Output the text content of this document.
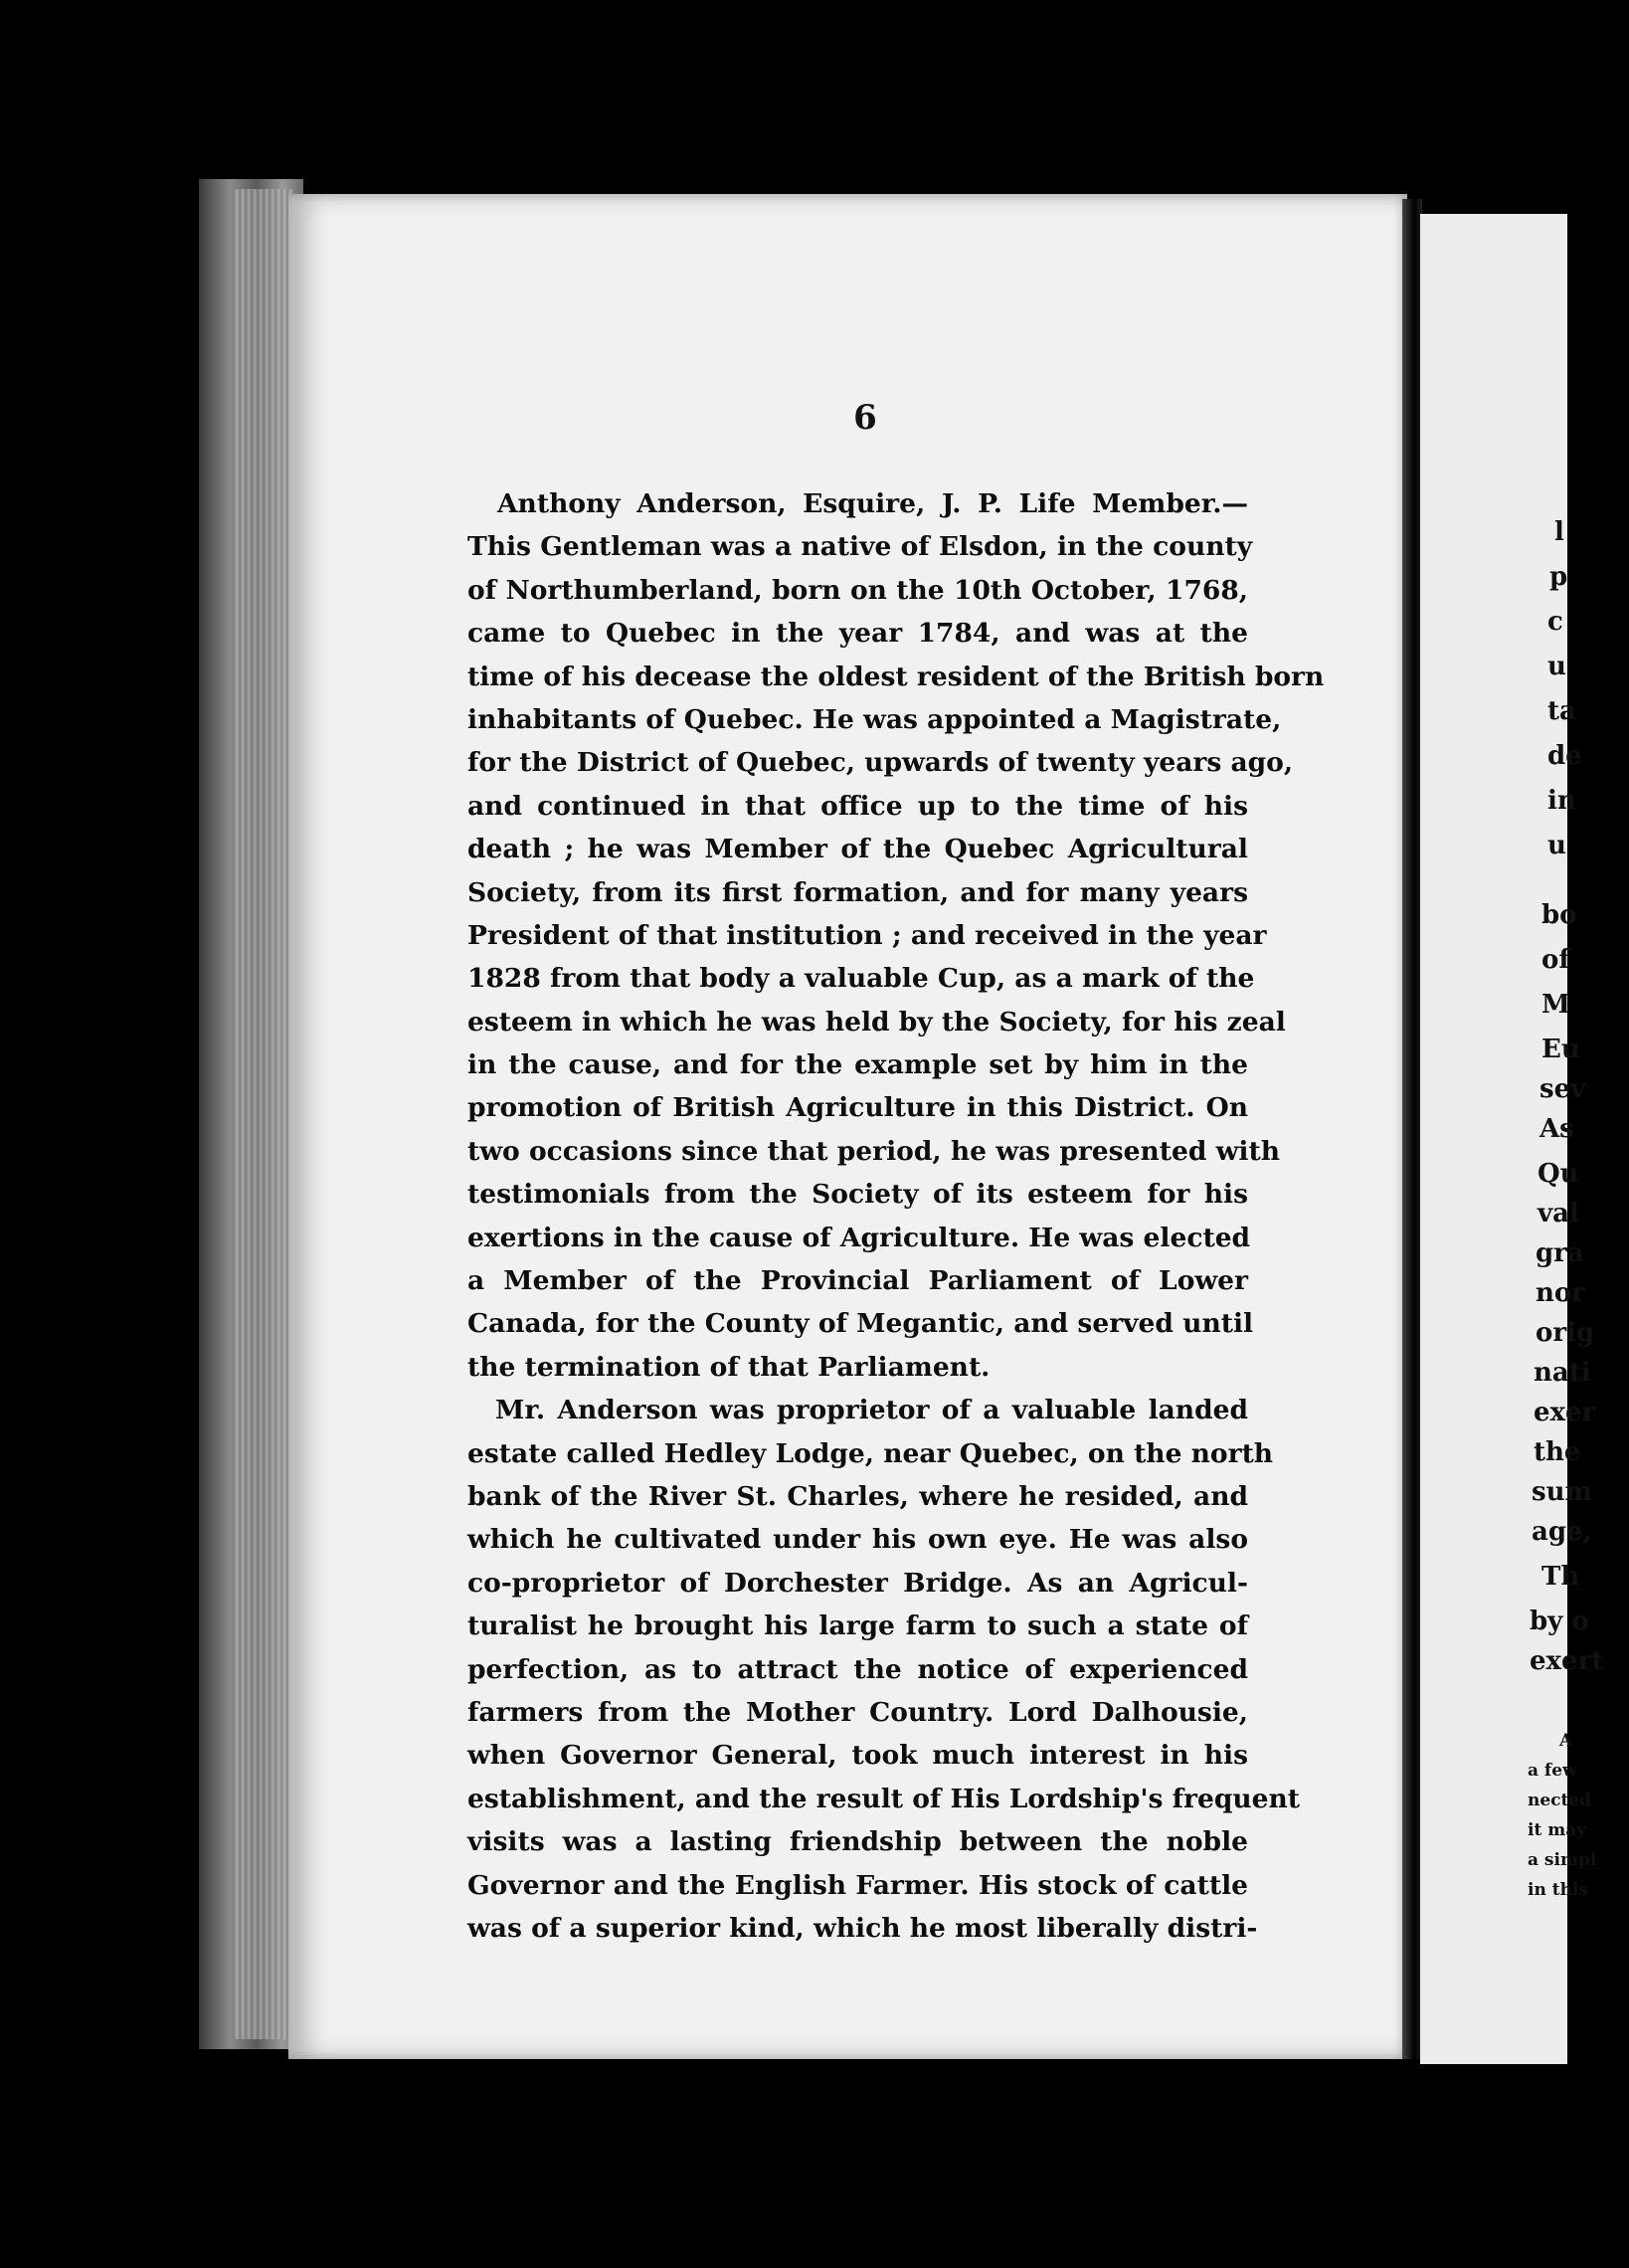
6
Anthony Anderson, Esquire, J. P. Life Member.—
This Gentleman was a native of Elsdon, in the county
of Northumberland, born on the 10th October, 1768,
came to Quebec in the year 1784, and was at the
time of his decease the oldest resident of the British born
inhabitants of Quebec. He was appointed a Magistrate,
for the District of Quebec, upwards of twenty years ago,
and continued in that office up to the time of his
death ; he was Member of the Quebec Agricultural
Society, from its first formation, and for many years
President of that institution ; and received in the year
1828 from that body a valuable Cup, as a mark of the
esteem in which he was held by the Society, for his zeal
in the cause, and for the example set by him in the
promotion of British Agriculture in this District. On
two occasions since that period, he was presented with
testimonials from the Society of its esteem for his
exertions in the cause of Agriculture. He was elected
a Member of the Provincial Parliament of Lower
Canada, for the County of Megantic, and served until
the termination of that Parliament.
Mr. Anderson was proprietor of a valuable landed
estate called Hedley Lodge, near Quebec, on the north
bank of the River St. Charles, where he resided, and
which he cultivated under his own eye. He was also
co-proprietor of Dorchester Bridge. As an Agricul-
turalist he brought his large farm to such a state of
perfection, as to attract the notice of experienced
farmers from the Mother Country. Lord Dalhousie,
when Governor General, took much interest in his
establishment, and the result of His Lordship's frequent
visits was a lasting friendship between the noble
Governor and the English Farmer. His stock of cattle
was of a superior kind, which he most liberally distri-
l
p
c
u
ta
de
in
u
bo
of
M
Eu
sev
As
Qu
val
gra
nor
orig
nati
exer
the
sum
age,
Th
by o
exert
A
a few
nected
it may
a simpl
in this
